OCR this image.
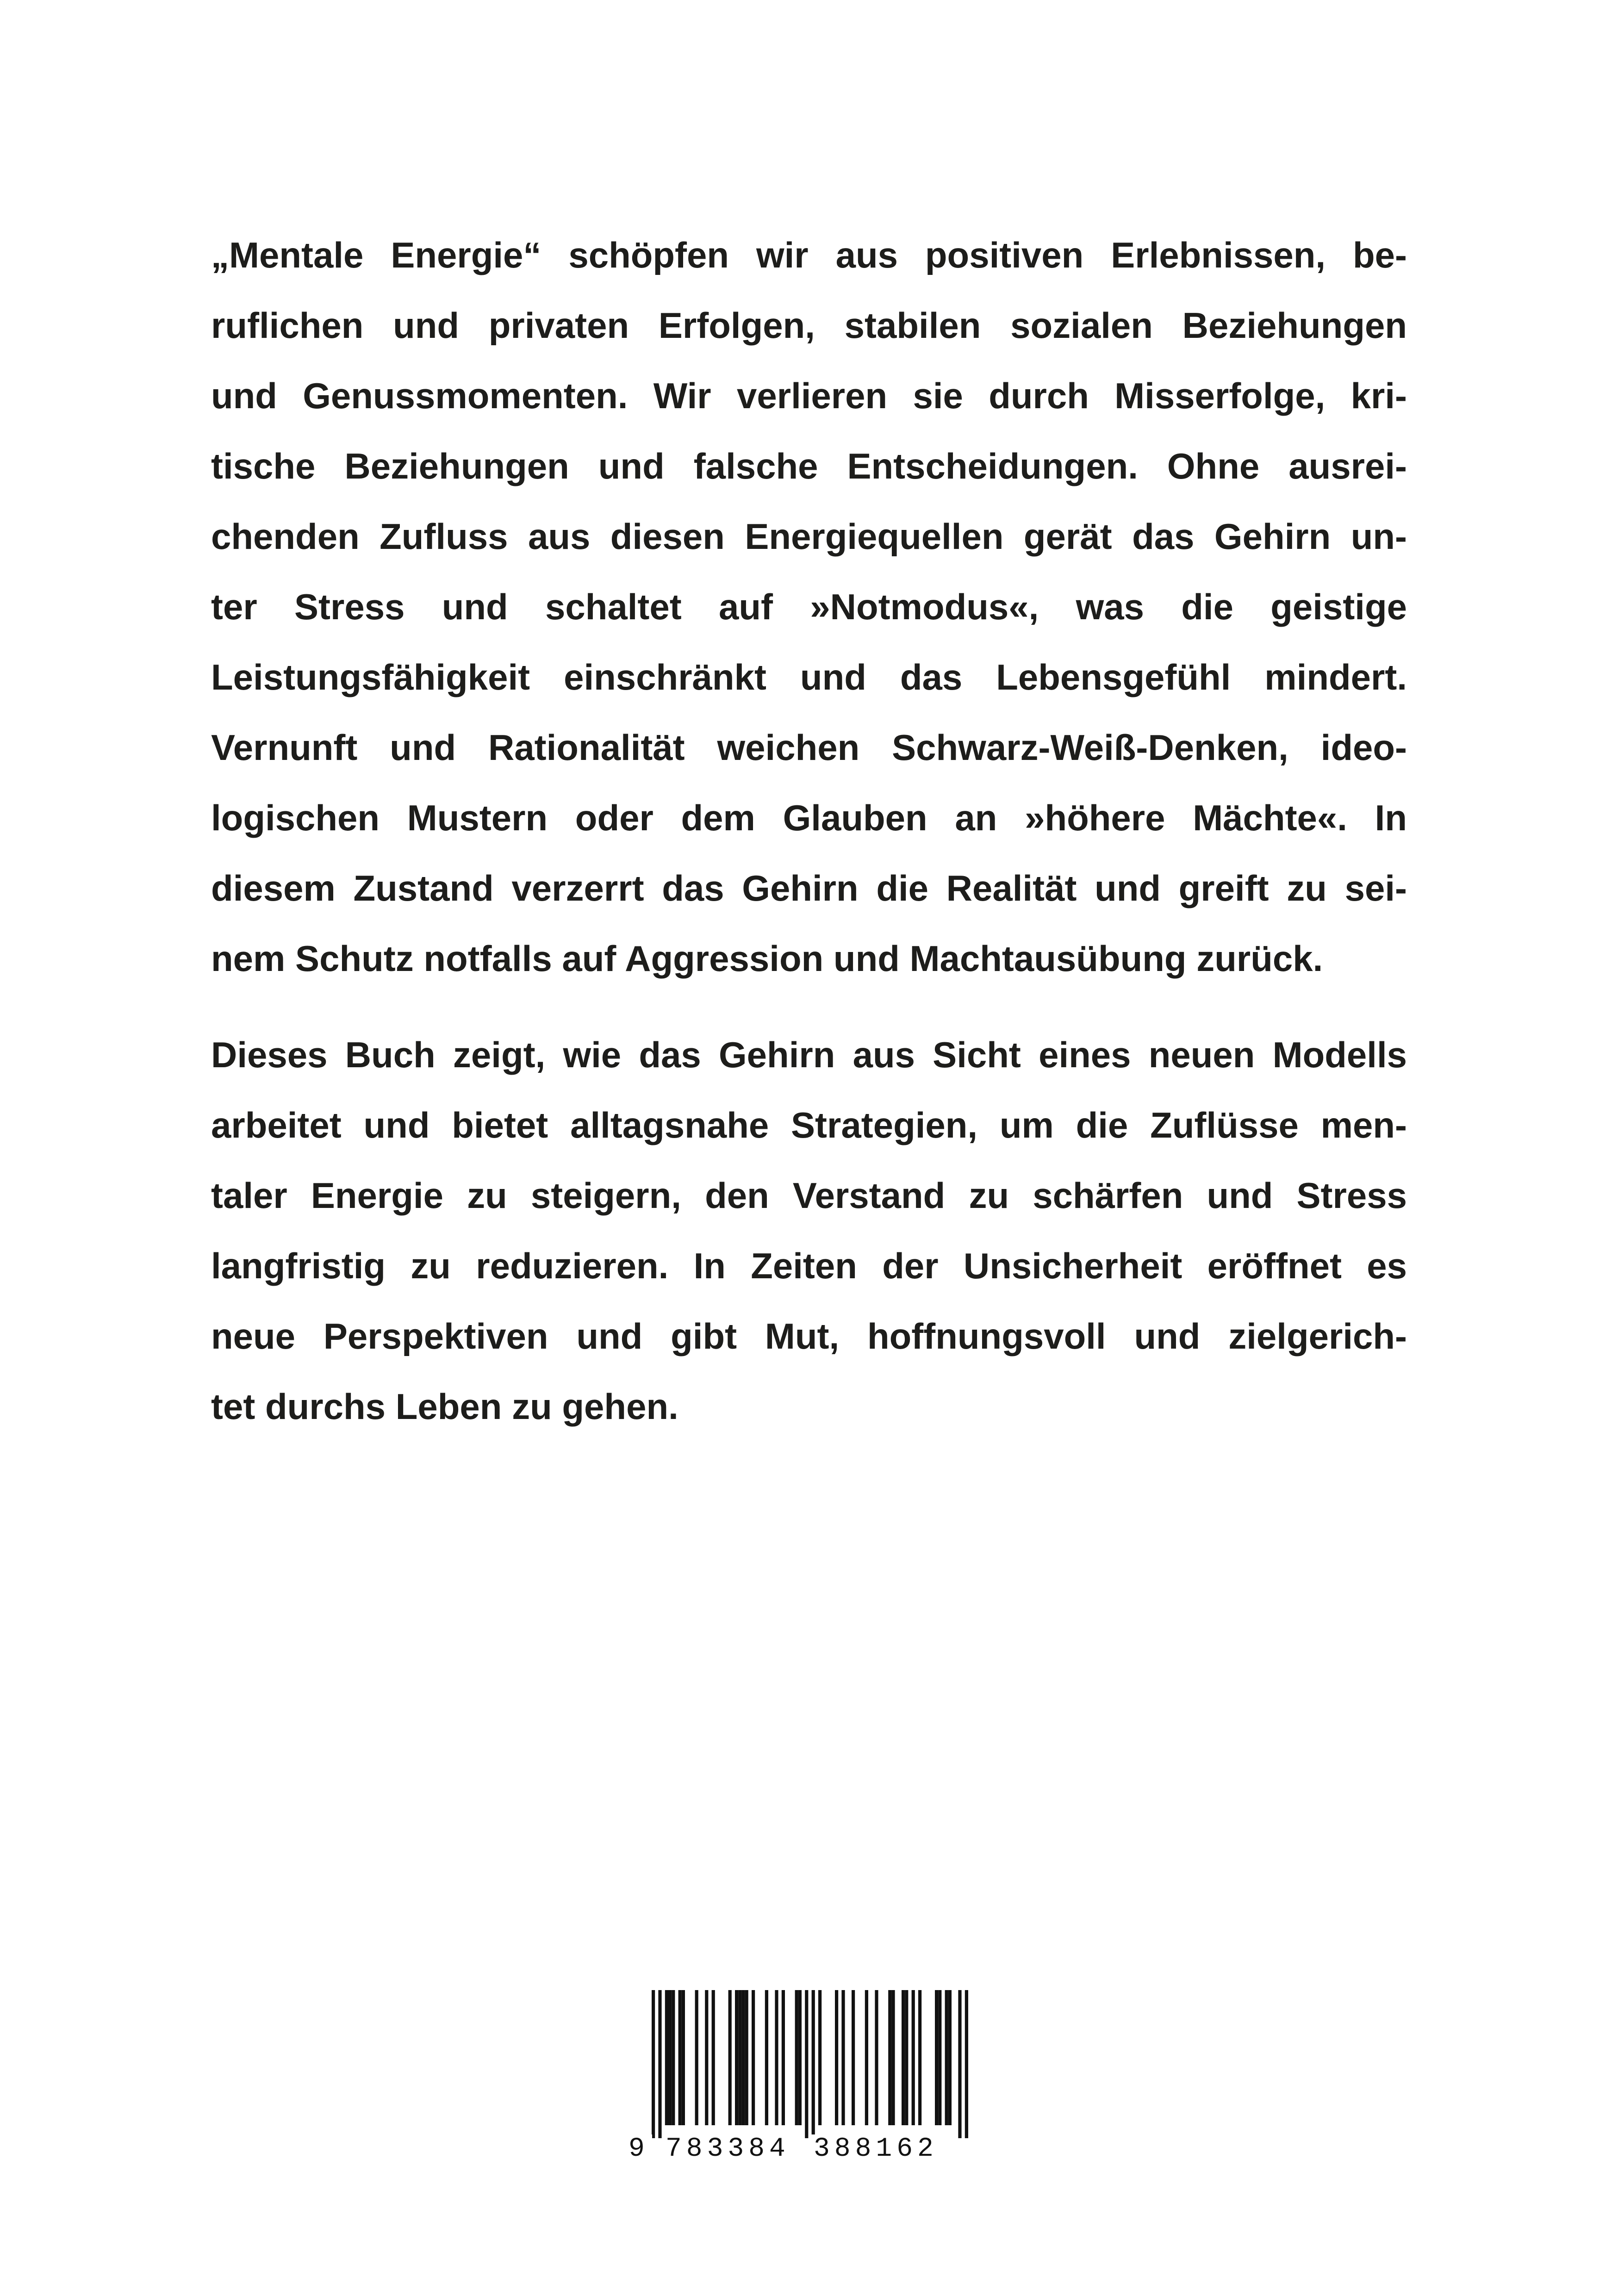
„Mentale Energie“ schöpfen wir aus positiven Erlebnissen, be-
ruflichen und privaten Erfolgen, stabilen sozialen Beziehungen
und Genussmomenten. Wir verlieren sie durch Misserfolge, kri-
tische Beziehungen und falsche Entscheidungen. Ohne ausrei-
chenden Zufluss aus diesen Energiequellen gerät das Gehirn un-
ter Stress und schaltet auf »Notmodus«, was die geistige
Leistungsfähigkeit einschränkt und das Lebensgefühl mindert.
Vernunft und Rationalität weichen Schwarz-Weiß-Denken, ideo-
logischen Mustern oder dem Glauben an »höhere Mächte«. In
diesem Zustand verzerrt das Gehirn die Realität und greift zu sei-
nem Schutz notfalls auf Aggression und Machtausübung zurück.
Dieses Buch zeigt, wie das Gehirn aus Sicht eines neuen Modells
arbeitet und bietet alltagsnahe Strategien, um die Zuflüsse men-
taler Energie zu steigern, den Verstand zu schärfen und Stress
langfristig zu reduzieren. In Zeiten der Unsicherheit eröffnet es
neue Perspektiven und gibt Mut, hoffnungsvoll und zielgerich-
tet durchs Leben zu gehen.
9 783384 388162
